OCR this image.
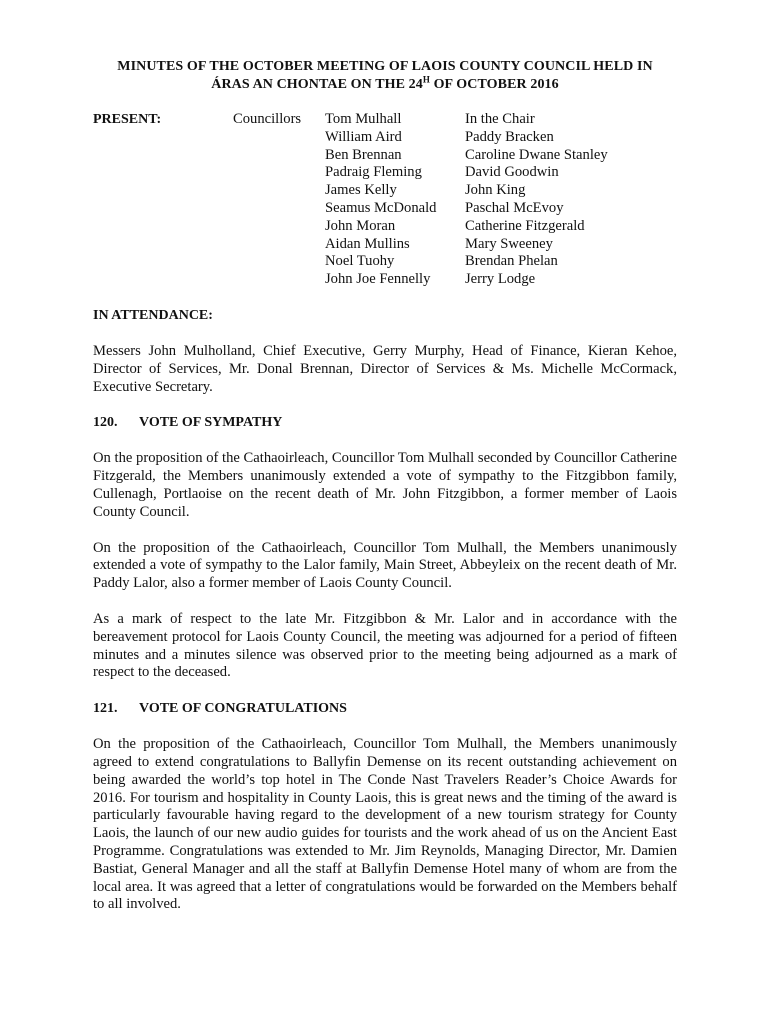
MINUTES OF THE OCTOBER MEETING OF LAOIS COUNTY COUNCIL HELD IN
ÁRAS AN CHONTAE ON THE $24^H$ OF OCTOBER 2016
PRESENT:	Councillors	Tom Mulhall
William Aird
Ben Brennan
Padraig Fleming
James Kelly
Seamus McDonald
John Moran
Aidan Mullins
Noel Tuohy
John Joe Fennelly
In the Chair
Paddy Bracken
Caroline Dwane Stanley
David Goodwin
John King
Paschal McEvoy
Catherine Fitzgerald
Mary Sweeney
Brendan Phelan
Jerry Lodge
IN ATTENDANCE:

Messers John Mulholland, Chief Executive, Gerry Murphy, Head of Finance, Kieran Kehoe, Director of Services, Mr. Donal Brennan, Director of Services & Ms. Michelle McCormack, Executive Secretary.

120. VOTE OF SYMPATHY

On the proposition of the Cathaoirleach, Councillor Tom Mulhall seconded by Councillor Catherine Fitzgerald, the Members unanimously extended a vote of sympathy to the Fitzgibbon family, Cullenagh, Portlaoise on the recent death of Mr. John Fitzgibbon, a former member of Laois County Council.

On the proposition of the Cathaoirleach, Councillor Tom Mulhall, the Members unanimously extended a vote of sympathy to the Lalor family, Main Street, Abbeyleix on the recent death of Mr. Paddy Lalor, also a former member of Laois County Council.

As a mark of respect to the late Mr. Fitzgibbon & Mr. Lalor and in accordance with the bereavement protocol for Laois County Council, the meeting was adjourned for a period of fifteen minutes and a minutes silence was observed prior to the meeting being adjourned as a mark of respect to the deceased.

121. VOTE OF CONGRATULATIONS

On the proposition of the Cathaoirleach, Councillor Tom Mulhall, the Members unanimously agreed to extend congratulations to Ballyfin Demense on its recent outstanding achievement on being awarded the world’s top hotel in The Conde Nast Travelers Reader’s Choice Awards for 2016. For tourism and hospitality in County Laois, this is great news and the timing of the award is particularly favourable having regard to the development of a new tourism strategy for County Laois, the launch of our new audio guides for tourists and the work ahead of us on the Ancient East Programme. Congratulations was extended to Mr. Jim Reynolds, Managing Director, Mr. Damien Bastiat, General Manager and all the staff at Ballyfin Demense Hotel many of whom are from the local area. It was agreed that a letter of congratulations would be forwarded on the Members behalf to all involved.
